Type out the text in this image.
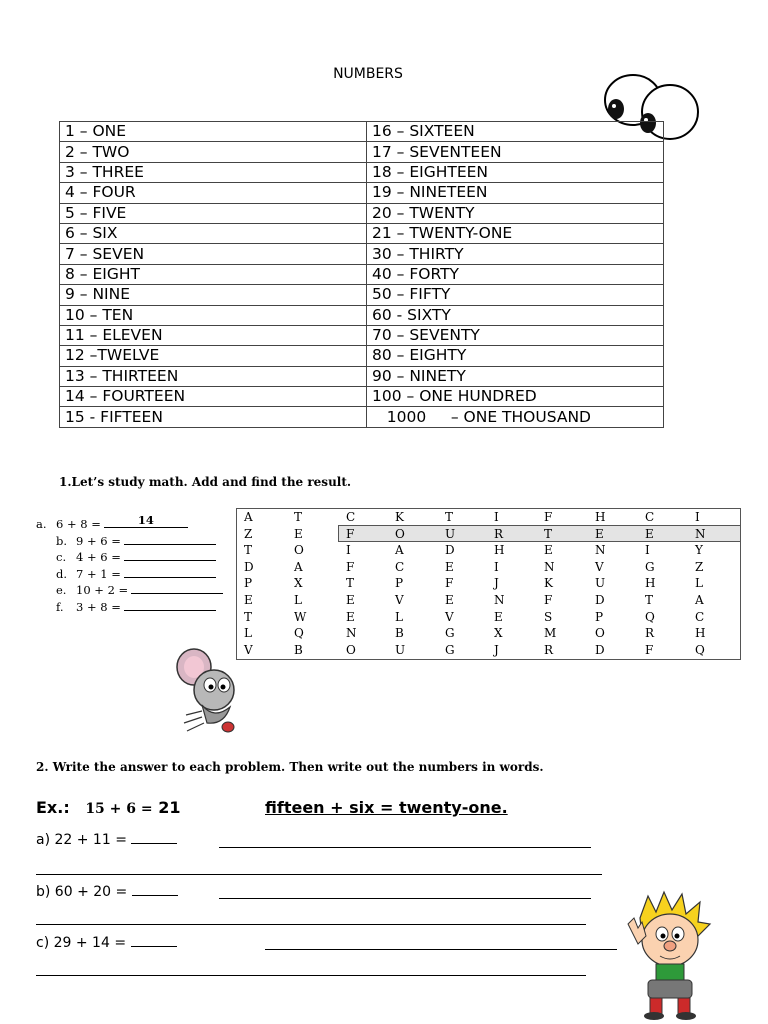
NUMBERS
1 – ONE	16 – SIXTEEN
2 – TWO	17 – SEVENTEEN
3 – THREE	18 – EIGHTEEN
4 – FOUR	19 – NINETEEN
5 – FIVE	20 – TWENTY
6 – SIX	21 – TWENTY-ONE
7 – SEVEN	30 – THIRTY
8 – EIGHT	40 – FORTY
9 – NINE	50 – FIFTY
10 – TEN	60 - SIXTY
11 – ELEVEN	70 – SEVENTY
12 –TWELVE	80 – EIGHTY
13 – THIRTEEN	90 – NINETY
14 – FOURTEEN	100 – ONE HUNDRED
15 - FIFTEEN	1000     – ONE THOUSAND
1.Let’s study math. Add and find the result.
a. 6 + 8 =	14
b. 9 + 6 =
c. 4 + 6 =
d. 7 + 1 =
e. 10 + 2 =
f. 3 + 8 =
A	T	C	K	T	I	F	H	C	I
Z	E	F	O	U	R	T	E	E	N
T	O	I	A	D	H	E	N	I	Y
D	A	F	C	E	I	N	V	G	Z
P	X	T	P	F	J	K	U	H	L
E	L	E	V	E	N	F	D	T	A
T	W	E	L	V	E	S	P	Q	C
L	Q	N	B	G	X	M	O	R	H
V	B	O	U	G	J	R	D	F	Q
2. Write the answer to each problem. Then write out the numbers in words.
Ex.: 15 + 6 = 21	fifteen + six = twenty-one.
a) 22 + 11 =
b) 60 + 20 =
c) 29 + 14 =
